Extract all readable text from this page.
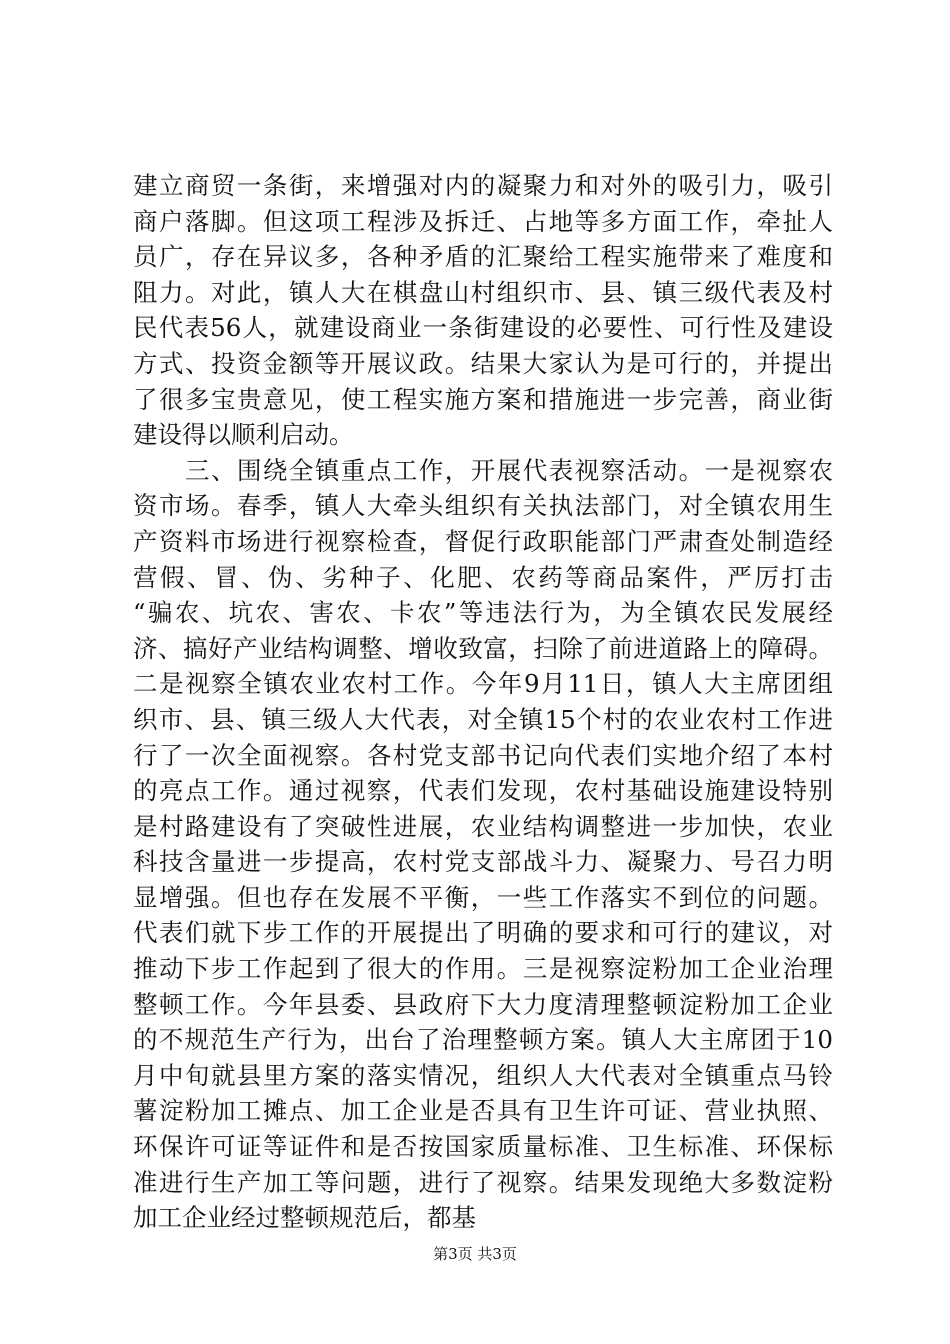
建立商贸一条街，来增强对内的凝聚力和对外的吸引力，吸引
商户落脚。但这项工程涉及拆迁、占地等多方面工作，牵扯人
员广，存在异议多，各种矛盾的汇聚给工程实施带来了难度和
阻力。对此，镇人大在棋盘山村组织市、县、镇三级代表及村
民代表56人，就建设商业一条街建设的必要性、可行性及建设
方式、投资金额等开展议政。结果大家认为是可行的，并提出
了很多宝贵意见，使工程实施方案和措施进一步完善，商业街
建设得以顺利启动。
三、围绕全镇重点工作，开展代表视察活动。一是视察农
资市场。春季，镇人大牵头组织有关执法部门，对全镇农用生
产资料市场进行视察检查，督促行政职能部门严肃查处制造经
营假、冒、伪、劣种子、化肥、农药等商品案件，严厉打击
“骗农、坑农、害农、卡农”等违法行为，为全镇农民发展经
济、搞好产业结构调整、增收致富，扫除了前进道路上的障碍。
二是视察全镇农业农村工作。今年9月11日，镇人大主席团组
织市、县、镇三级人大代表，对全镇15个村的农业农村工作进
行了一次全面视察。各村党支部书记向代表们实地介绍了本村
的亮点工作。通过视察，代表们发现，农村基础设施建设特别
是村路建设有了突破性进展，农业结构调整进一步加快，农业
科技含量进一步提高，农村党支部战斗力、凝聚力、号召力明
显增强。但也存在发展不平衡，一些工作落实不到位的问题。
代表们就下步工作的开展提出了明确的要求和可行的建议，对
推动下步工作起到了很大的作用。三是视察淀粉加工企业治理
整顿工作。今年县委、县政府下大力度清理整顿淀粉加工企业
的不规范生产行为，出台了治理整顿方案。镇人大主席团于10
月中旬就县里方案的落实情况，组织人大代表对全镇重点马铃
薯淀粉加工摊点、加工企业是否具有卫生许可证、营业执照、
环保许可证等证件和是否按国家质量标准、卫生标准、环保标
准进行生产加工等问题，进行了视察。结果发现绝大多数淀粉
加工企业经过整顿规范后，都基
第3页 共3页
